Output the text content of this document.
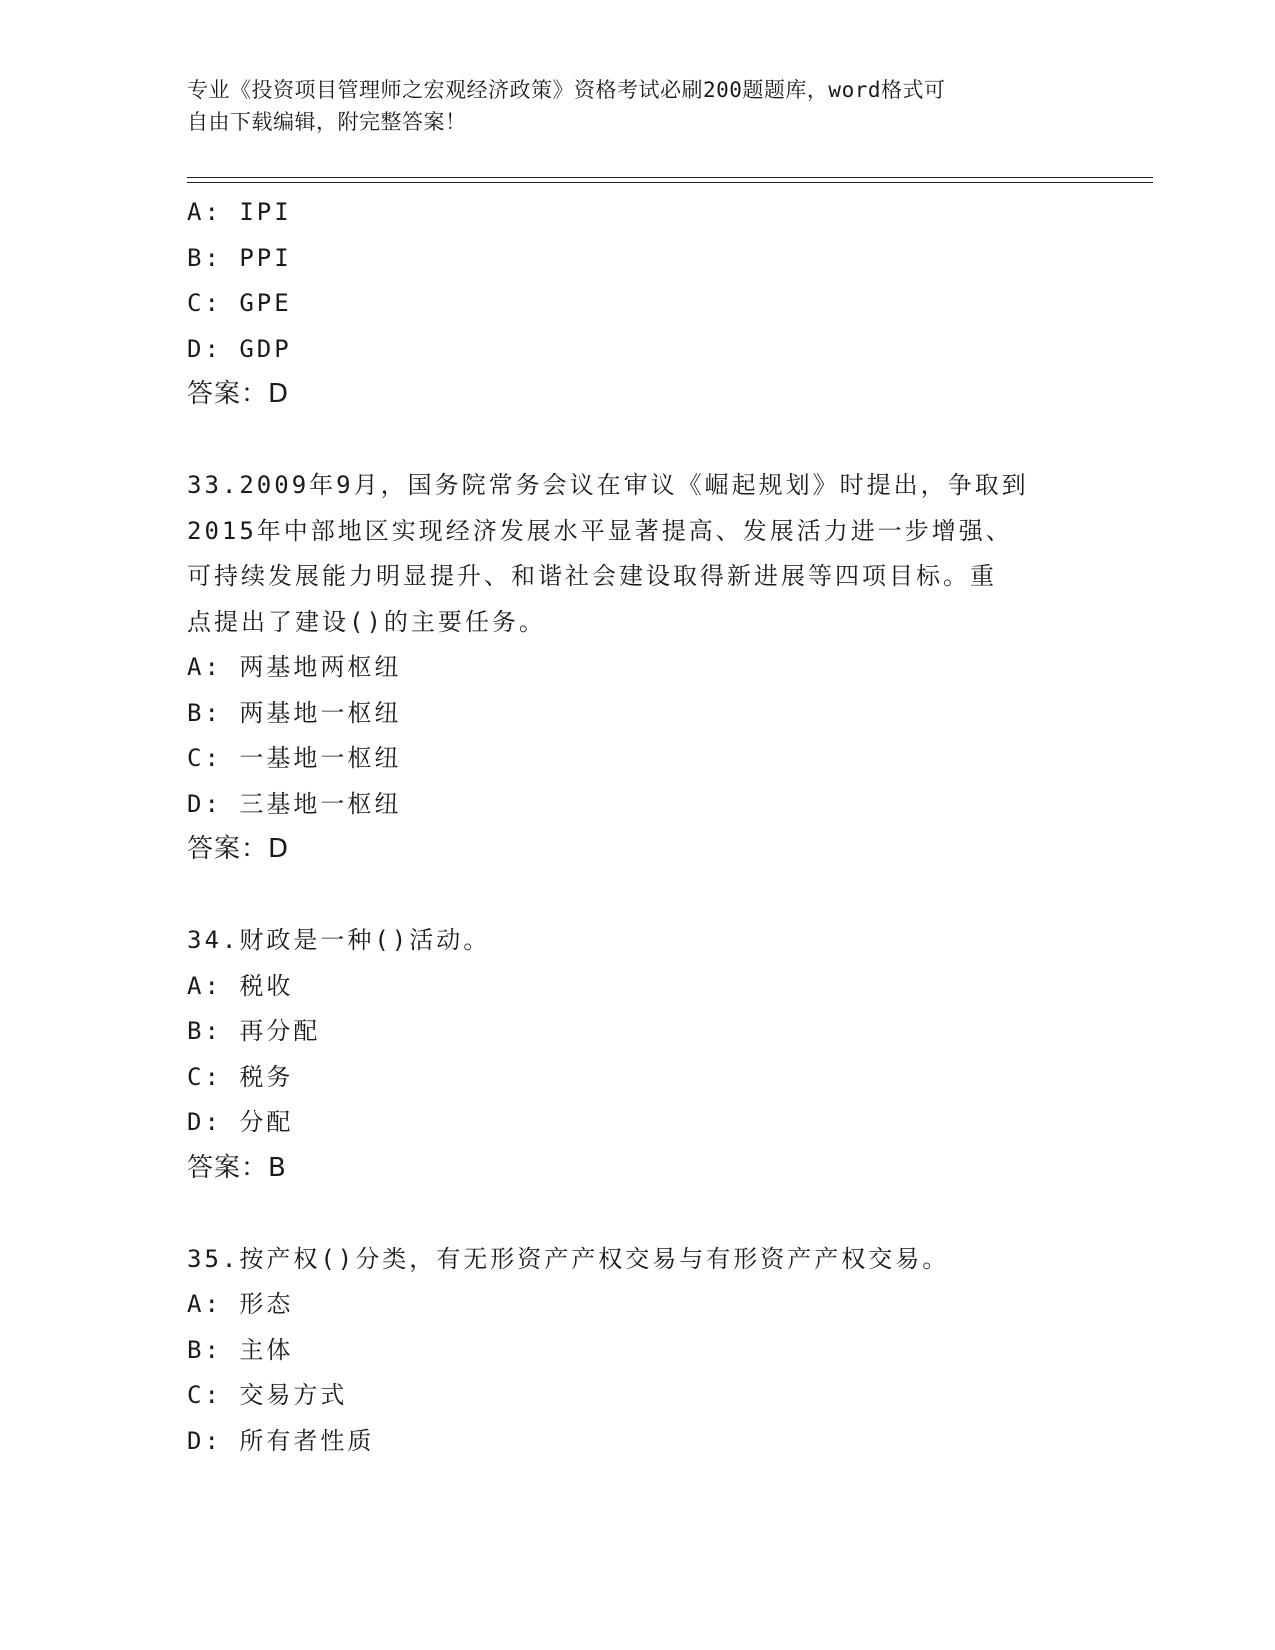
专业《投资项目管理师之宏观经济政策》资格考试必刷200题题库，word格式可
自由下载编辑，附完整答案！
A: IPI
B: PPI
C: GPE
D: GDP
答案：D
33.2009年9月，国务院常务会议在审议《崛起规划》时提出，争取到
2015年中部地区实现经济发展水平显著提高、发展活力进一步增强、
可持续发展能力明显提升、和谐社会建设取得新进展等四项目标。重
点提出了建设()的主要任务。
A: 两基地两枢纽
B: 两基地一枢纽
C: 一基地一枢纽
D: 三基地一枢纽
答案：D
34.财政是一种()活动。
A: 税收
B: 再分配
C: 税务
D: 分配
答案：B
35.按产权()分类，有无形资产产权交易与有形资产产权交易。
A: 形态
B: 主体
C: 交易方式
D: 所有者性质
